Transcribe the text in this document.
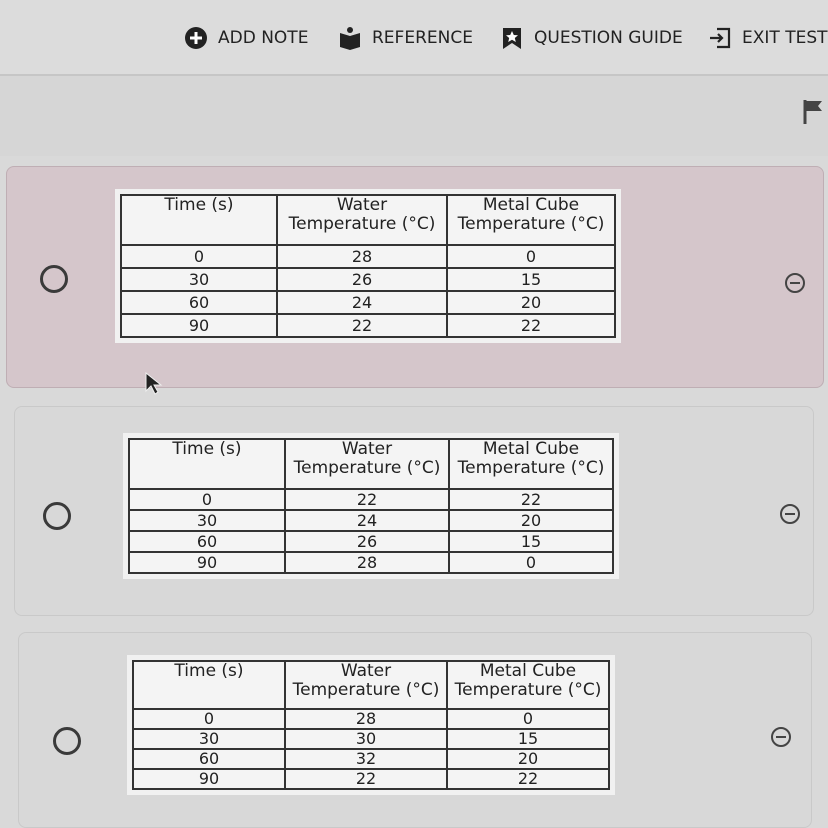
ADD NOTE	REFERENCE	QUESTION GUIDE	EXIT TEST
Time (s)	Water Temperature (°C)	Metal Cube Temperature (°C)
0	28	0
30	26	15
60	24	20
90	22	22
Time (s)	Water Temperature (°C)	Metal Cube Temperature (°C)
0	22	22
30	24	20
60	26	15
90	28	0
Time (s)	Water Temperature (°C)	Metal Cube Temperature (°C)
0	28	0
30	30	15
60	32	20
90	22	22
